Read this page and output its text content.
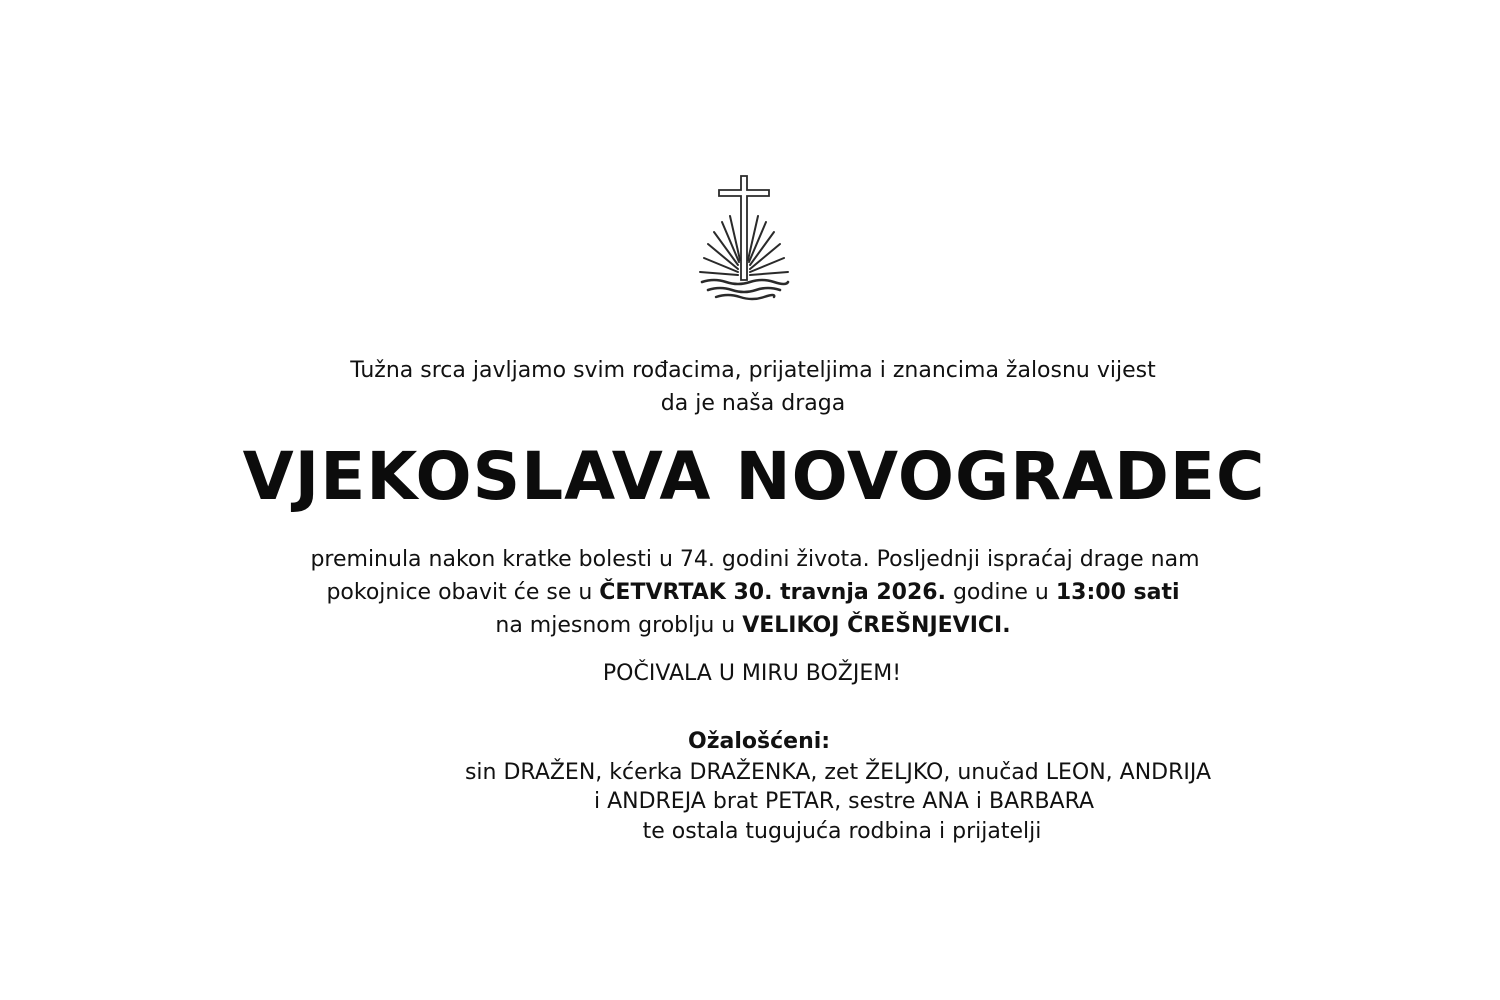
Tužna srca javljamo svim rođacima, prijateljima i znancima žalosnu vijest
da je naša draga
VJEKOSLAVA NOVOGRADEC
preminula nakon kratke bolesti u 74. godini života. Posljednji ispraćaj drage nam
pokojnice obavit će se u ČETVRTAK 30. travnja 2026. godine u 13:00 sati
na mjesnom groblju u VELIKOJ ČREŠNJEVICI.
POČIVALA U MIRU BOŽJEM!
Ožalošćeni:
sin DRAŽEN, kćerka DRAŽENKA, zet ŽELJKO, unučad LEON, ANDRIJA
i ANDREJA brat PETAR, sestre ANA i BARBARA
te ostala tugujuća rodbina i prijatelji
